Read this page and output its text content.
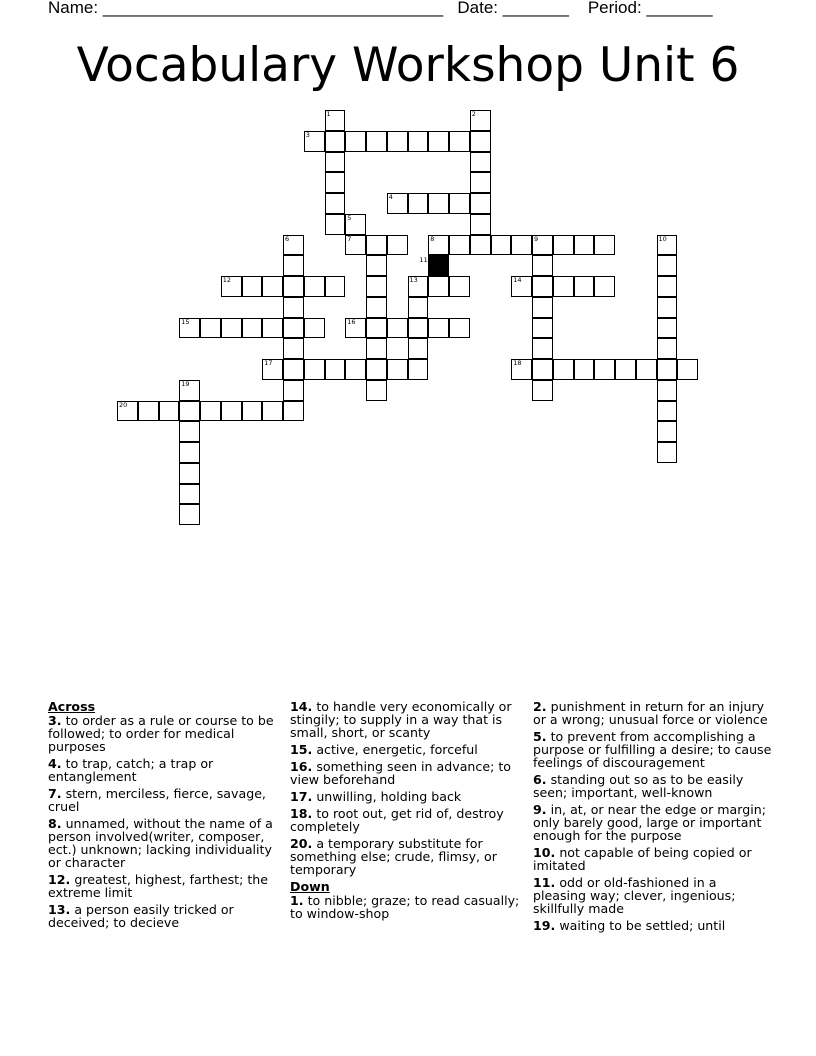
Name: ____________________________________ Date: _______ Period: _______
Vocabulary Workshop Unit 6
1	2
3
4
5
6	7	8	9	10
12	13	14
15	16
17	18
19
20
11
Across
3. to order as a rule or course to be followed; to order for medical purposes
4. to trap, catch; a trap or entanglement
7. stern, merciless, fierce, savage, cruel
8. unnamed, without the name of a person involved(writer, composer, ect.) unknown; lacking individuality or character
12. greatest, highest, farthest; the extreme limit
13. a person easily tricked or deceived; to decieve
14. to handle very economically or stingily; to supply in a way that is small, short, or scanty
15. active, energetic, forceful
16. something seen in advance; to view beforehand
17. unwilling, holding back
18. to root out, get rid of, destroy completely
20. a temporary substitute for something else; crude, flimsy, or temporary
Down
1. to nibble; graze; to read casually; to window-shop
2. punishment in return for an injury or a wrong; unusual force or violence
5. to prevent from accomplishing a purpose or fulfilling a desire; to cause feelings of discouragement
6. standing out so as to be easily seen; important, well-known
9. in, at, or near the edge or margin; only barely good, large or important enough for the purpose
10. not capable of being copied or imitated
11. odd or old-fashioned in a pleasing way; clever, ingenious; skillfully made
19. waiting to be settled; until
